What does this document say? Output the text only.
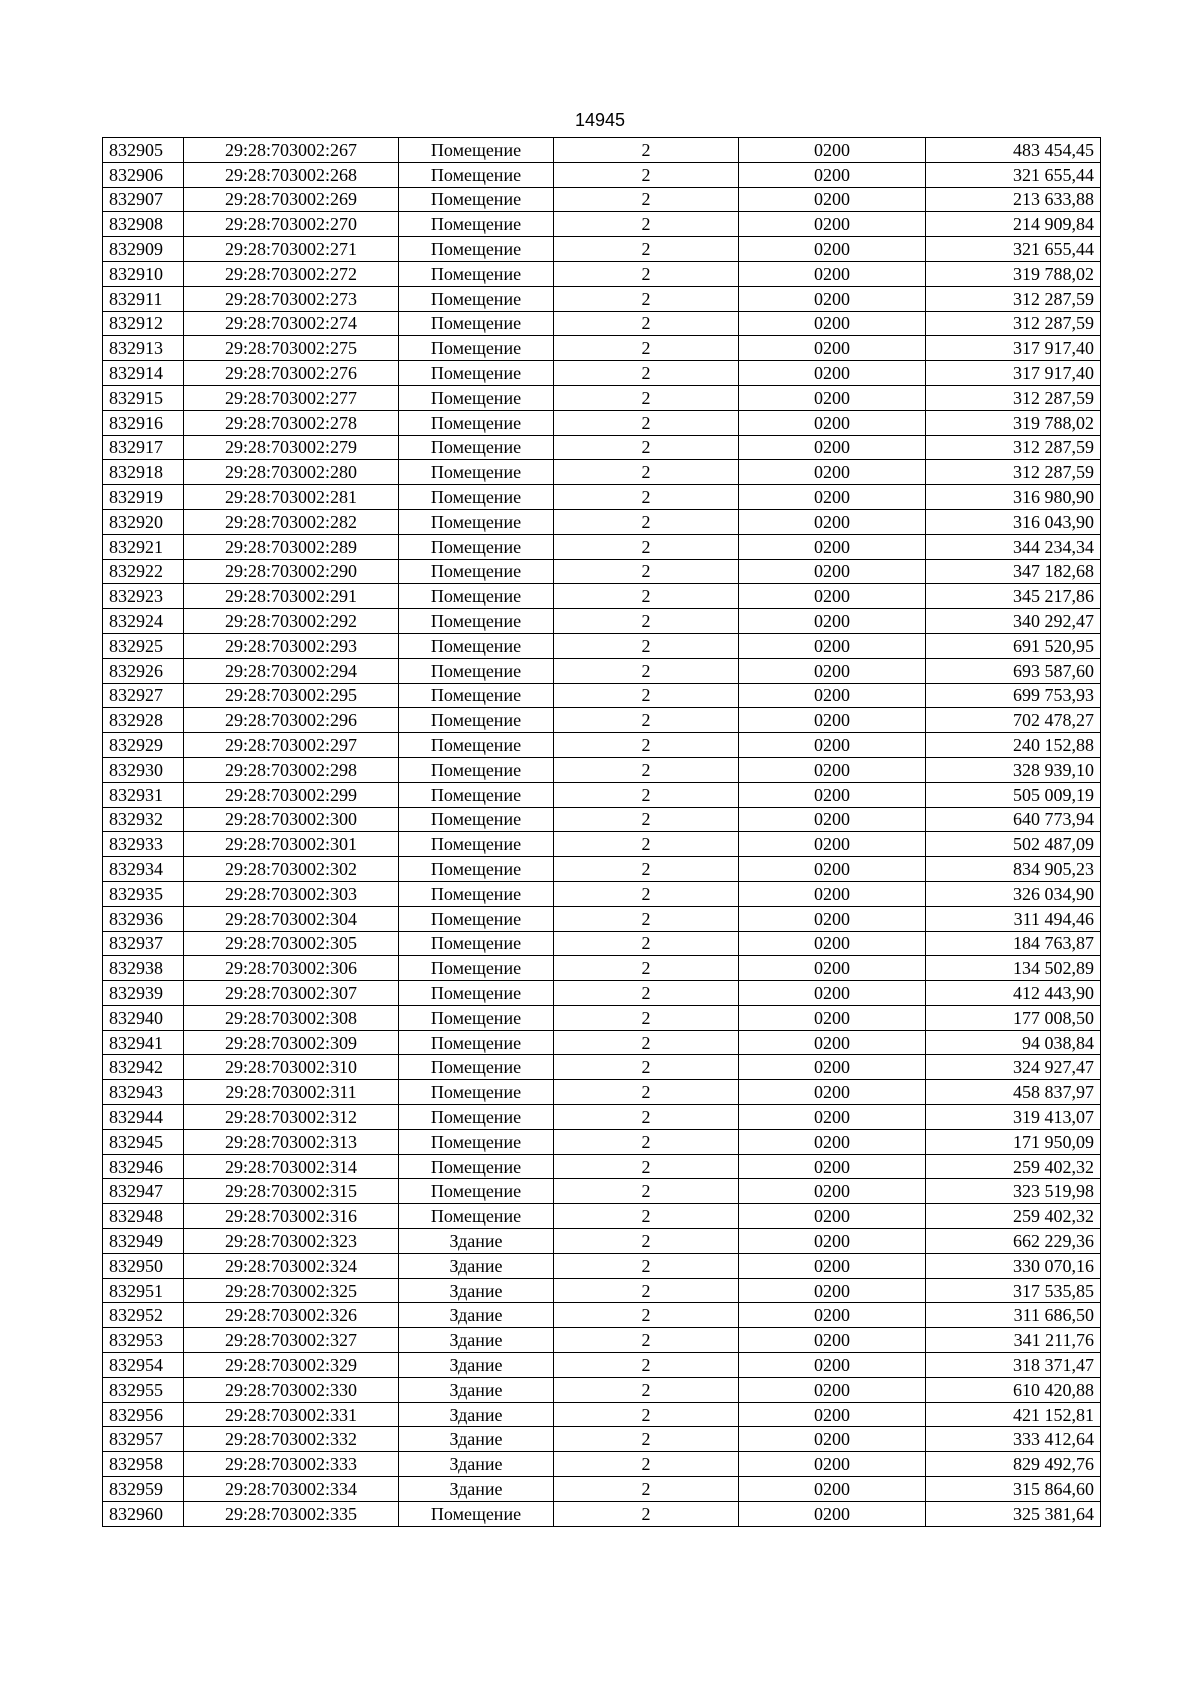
14945
832905	29:28:703002:267	Помещение	2	0200	483 454,45
832906	29:28:703002:268	Помещение	2	0200	321 655,44
832907	29:28:703002:269	Помещение	2	0200	213 633,88
832908	29:28:703002:270	Помещение	2	0200	214 909,84
832909	29:28:703002:271	Помещение	2	0200	321 655,44
832910	29:28:703002:272	Помещение	2	0200	319 788,02
832911	29:28:703002:273	Помещение	2	0200	312 287,59
832912	29:28:703002:274	Помещение	2	0200	312 287,59
832913	29:28:703002:275	Помещение	2	0200	317 917,40
832914	29:28:703002:276	Помещение	2	0200	317 917,40
832915	29:28:703002:277	Помещение	2	0200	312 287,59
832916	29:28:703002:278	Помещение	2	0200	319 788,02
832917	29:28:703002:279	Помещение	2	0200	312 287,59
832918	29:28:703002:280	Помещение	2	0200	312 287,59
832919	29:28:703002:281	Помещение	2	0200	316 980,90
832920	29:28:703002:282	Помещение	2	0200	316 043,90
832921	29:28:703002:289	Помещение	2	0200	344 234,34
832922	29:28:703002:290	Помещение	2	0200	347 182,68
832923	29:28:703002:291	Помещение	2	0200	345 217,86
832924	29:28:703002:292	Помещение	2	0200	340 292,47
832925	29:28:703002:293	Помещение	2	0200	691 520,95
832926	29:28:703002:294	Помещение	2	0200	693 587,60
832927	29:28:703002:295	Помещение	2	0200	699 753,93
832928	29:28:703002:296	Помещение	2	0200	702 478,27
832929	29:28:703002:297	Помещение	2	0200	240 152,88
832930	29:28:703002:298	Помещение	2	0200	328 939,10
832931	29:28:703002:299	Помещение	2	0200	505 009,19
832932	29:28:703002:300	Помещение	2	0200	640 773,94
832933	29:28:703002:301	Помещение	2	0200	502 487,09
832934	29:28:703002:302	Помещение	2	0200	834 905,23
832935	29:28:703002:303	Помещение	2	0200	326 034,90
832936	29:28:703002:304	Помещение	2	0200	311 494,46
832937	29:28:703002:305	Помещение	2	0200	184 763,87
832938	29:28:703002:306	Помещение	2	0200	134 502,89
832939	29:28:703002:307	Помещение	2	0200	412 443,90
832940	29:28:703002:308	Помещение	2	0200	177 008,50
832941	29:28:703002:309	Помещение	2	0200	94 038,84
832942	29:28:703002:310	Помещение	2	0200	324 927,47
832943	29:28:703002:311	Помещение	2	0200	458 837,97
832944	29:28:703002:312	Помещение	2	0200	319 413,07
832945	29:28:703002:313	Помещение	2	0200	171 950,09
832946	29:28:703002:314	Помещение	2	0200	259 402,32
832947	29:28:703002:315	Помещение	2	0200	323 519,98
832948	29:28:703002:316	Помещение	2	0200	259 402,32
832949	29:28:703002:323	Здание	2	0200	662 229,36
832950	29:28:703002:324	Здание	2	0200	330 070,16
832951	29:28:703002:325	Здание	2	0200	317 535,85
832952	29:28:703002:326	Здание	2	0200	311 686,50
832953	29:28:703002:327	Здание	2	0200	341 211,76
832954	29:28:703002:329	Здание	2	0200	318 371,47
832955	29:28:703002:330	Здание	2	0200	610 420,88
832956	29:28:703002:331	Здание	2	0200	421 152,81
832957	29:28:703002:332	Здание	2	0200	333 412,64
832958	29:28:703002:333	Здание	2	0200	829 492,76
832959	29:28:703002:334	Здание	2	0200	315 864,60
832960	29:28:703002:335	Помещение	2	0200	325 381,64
